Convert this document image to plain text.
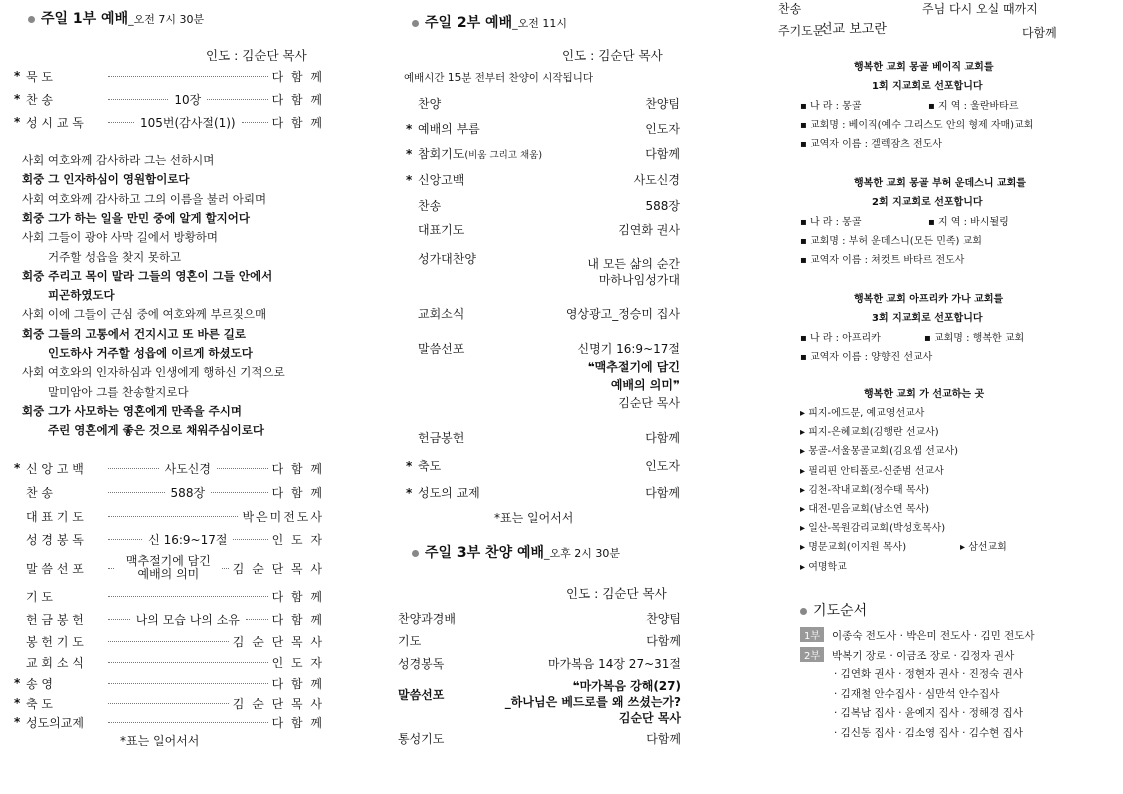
주일 1부 예배_오전 7시 30분
인도 : 김순단 목사
* 묵 도	다 함 께
* 찬 송	10장	다 함 께
* 성 시 교 독	105번(감사절(1))	다 함 께
사회 여호와께 감사하라 그는 선하시며
회중 그 인자하심이 영원함이로다
사회 여호와께 감사하고 그의 이름을 불러 아뢰며
회중 그가 하는 일을 만민 중에 알게 할지어다
사회 그들이 광야 사막 길에서 방황하며
거주할 성읍을 찾지 못하고
회중 주리고 목이 말라 그들의 영혼이 그들 안에서
피곤하였도다
사회 이에 그들이 근심 중에 여호와께 부르짖으매
회중 그들의 고통에서 건지시고 또 바른 길로
인도하사 거주할 성읍에 이르게 하셨도다
사회 여호와의 인자하심과 인생에게 행하신 기적으로
말미암아 그를 찬송할지로다
회중 그가 사모하는 영혼에게 만족을 주시며
주린 영혼에게 좋은 것으로 채워주심이로다
* 신 앙 고 백	사도신경	다 함 께
찬 송	588장	다 함 께
대 표 기 도	박은미전도사
성 경 봉 독	신 16:9~17절	인 도 자
말 씀 선 포
맥추절기에 담긴 예배의 의미	김 순 단 목 사
기 도	다 함 께
헌 금 봉 헌	나의 모습 나의 소유	다 함 께
봉 헌 기 도	김 순 단 목 사
교 회 소 식	인 도 자
* 송 영	다 함 께
* 축 도	김 순 단 목 사
* 성도의교제	다 함 께
*표는 일어서서
주일 2부 예배_오전 11시
인도 : 김순단 목사
예배시간 15분 전부터 찬양이 시작됩니다
찬양	찬양팀
* 예배의 부름	인도자
* 참회기도(비움 그리고 채움)	다함께
* 신앙고백	사도신경
찬송	588장
대표기도	김연화 권사
성가대찬양	내 모든 삶의 순간
마하나임성가대
교회소식	영상광고_정승미 집사
말씀선포	신명기 16:9~17절
❝맥추절기에 담긴
예배의 의미❞
김순단 목사
헌금봉헌	다함께
* 축도	인도자
* 성도의 교제	다함께
*표는 일어서서
주일 3부 찬양 예배_오후 2시 30분
인도 : 김순단 목사
찬양과경배	찬양팀
기도	다함께
성경봉독	마가복음 14장 27~31절
말씀선포
❝마가복음 강해(27)
_하나님은 베드로를 왜 쓰셨는가?
김순단 목사
통성기도	다함께
찬송	주님 다시 오실 때까지
주기도문
선교 보고란	다함께
행복한 교회 몽골 베이직 교회를
1회 지교회로 선포합니다
▪ 나 라 : 몽골	▪ 지 역 : 울란바타르
▪ 교회명 : 베이직(예수 그리스도 안의 형제 자매)교회
▪ 교역자 이름 : 겔렉잠츠 전도사
행복한 교회 몽골 부허 운데스니 교회를
2회 지교회로 선포합니다
▪ 나 라 : 몽골	▪ 지 역 : 바시될링
▪ 교회명 : 부허 운데스니(모든 민족) 교회
▪ 교역자 이름 : 쳐컷트 바타르 전도사
행복한 교회 아프리카 가나 교회를
3회 지교회로 선포합니다
▪ 나 라 : 아프리카	▪ 교회명 : 행복한 교회
▪ 교역자 이름 : 양향진 선교사
행복한 교회 가 선교하는 곳
▸ 피지-에드문, 예교영선교사
▸ 피지-은혜교회(김행란 선교사)
▸ 몽골-서울몽골교회(김요셉 선교사)
▸ 필리핀 안티폴로-신준범 선교사
▸ 김천-작내교회(정수태 목사)
▸ 대전-믿음교회(남소연 목사)
▸ 일산-목원감리교회(박성호목사)
▸ 명문교회(이지원 목사)	▸ 삼선교회
▸ 여명학교
기도순서
1부 이종숙 전도사 · 박은미 전도사 · 김민 전도사
2부 박복기 장로 · 이금조 장로 · 김정자 권사
· 김연화 권사 · 정현자 권사 · 진정숙 권사
· 김재철 안수집사 · 심만석 안수집사
· 김복남 집사 · 윤예지 집사 · 정해경 집사
· 김신동 집사 · 김소영 집사 · 김수현 집사
